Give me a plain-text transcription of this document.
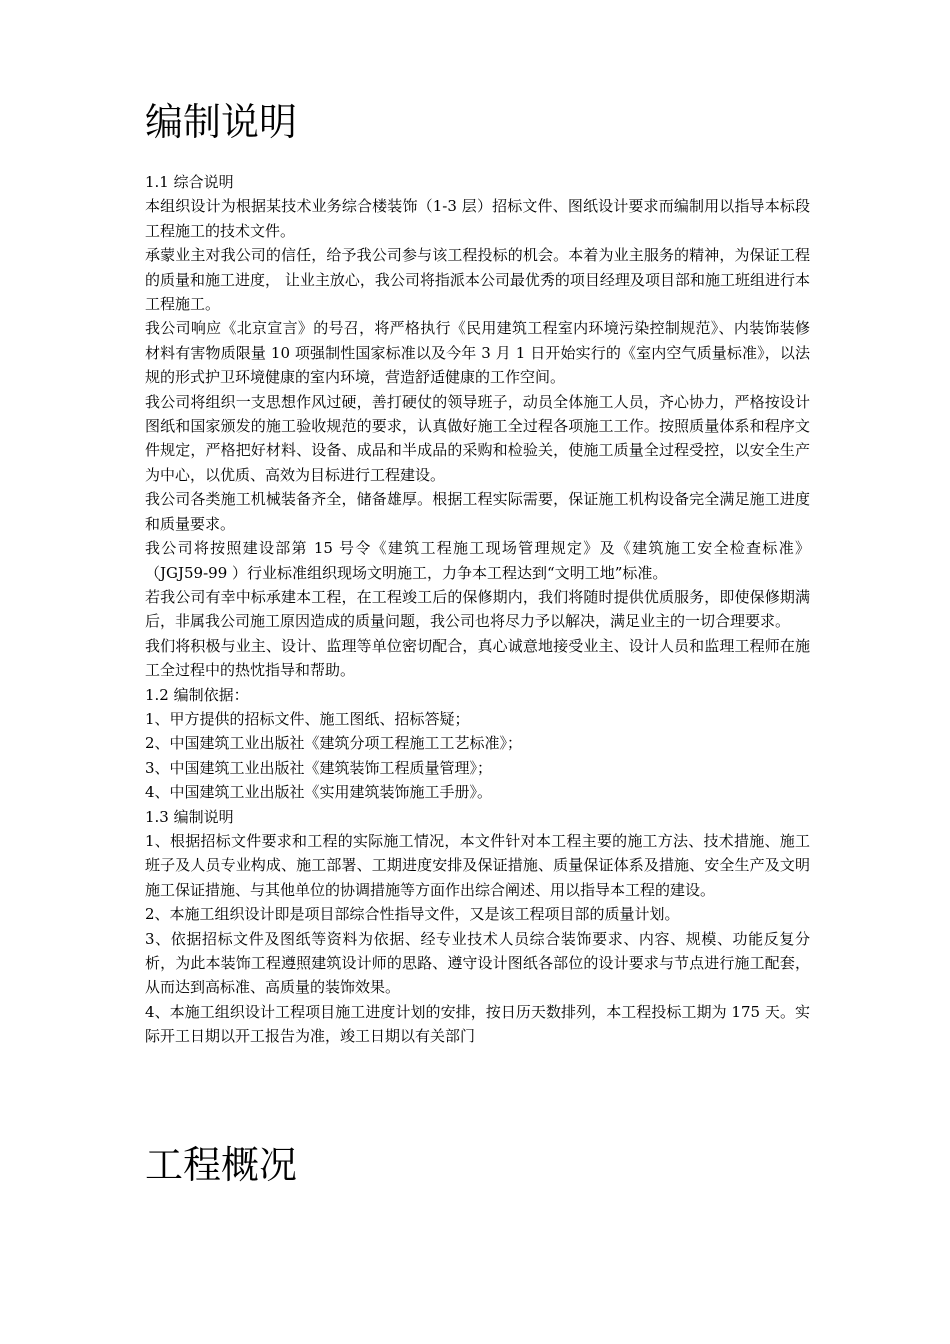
编制说明

1.1 综合说明

本组织设计为根据某技术业务综合楼装饰（1-3 层）招标文件、图纸设计要求而编制用以指导本标段工程施工的技术文件。

承蒙业主对我公司的信任，给予我公司参与该工程投标的机会。本着为业主服务的精神，为保证工程的质量和施工进度， 让业主放心，我公司将指派本公司最优秀的项目经理及项目部和施工班组进行本工程施工。

我公司响应《北京宣言》的号召，将严格执行《民用建筑工程室内环境污染控制规范》、内装饰装修材料有害物质限量 10 项强制性国家标准以及今年 3 月 1 日开始实行的《室内空气质量标准》，以法规的形式护卫环境健康的室内环境，营造舒适健康的工作空间。

我公司将组织一支思想作风过硬，善打硬仗的领导班子，动员全体施工人员，齐心协力，严格按设计图纸和国家颁发的施工验收规范的要求，认真做好施工全过程各项施工工作。按照质量体系和程序文件规定，严格把好材料、设备、成品和半成品的采购和检验关，使施工质量全过程受控，以安全生产为中心，以优质、高效为目标进行工程建设。

我公司各类施工机械装备齐全，储备雄厚。根据工程实际需要，保证施工机构设备完全满足施工进度和质量要求。

我公司将按照建设部第 15 号令《建筑工程施工现场管理规定》及《建筑施工安全检查标准》（JGJ59-99 ）行业标准组织现场文明施工，力争本工程达到“文明工地”标准。

若我公司有幸中标承建本工程，在工程竣工后的保修期内，我们将随时提供优质服务，即使保修期满后，非属我公司施工原因造成的质量问题，我公司也将尽力予以解决，满足业主的一切合理要求。

我们将积极与业主、设计、监理等单位密切配合，真心诚意地接受业主、设计人员和监理工程师在施工全过程中的热忱指导和帮助。

1.2 编制依据：

1、甲方提供的招标文件、施工图纸、招标答疑；

2、中国建筑工业出版社《建筑分项工程施工工艺标准》；

3、中国建筑工业出版社《建筑装饰工程质量管理》；

4、中国建筑工业出版社《实用建筑装饰施工手册》。

1.3 编制说明

1、根据招标文件要求和工程的实际施工情况，本文件针对本工程主要的施工方法、技术措施、施工班子及人员专业构成、施工部署、工期进度安排及保证措施、质量保证体系及措施、安全生产及文明施工保证措施、与其他单位的协调措施等方面作出综合阐述、用以指导本工程的建设。

2、本施工组织设计即是项目部综合性指导文件，又是该工程项目部的质量计划。

3、依据招标文件及图纸等资料为依据、经专业技术人员综合装饰要求、内容、规模、功能反复分析，为此本装饰工程遵照建筑设计师的思路、遵守设计图纸各部位的设计要求与节点进行施工配套，从而达到高标准、高质量的装饰效果。

4、本施工组织设计工程项目施工进度计划的安排，按日历天数排列，本工程投标工期为 175 天。实际开工日期以开工报告为准，竣工日期以有关部门

工程概况
